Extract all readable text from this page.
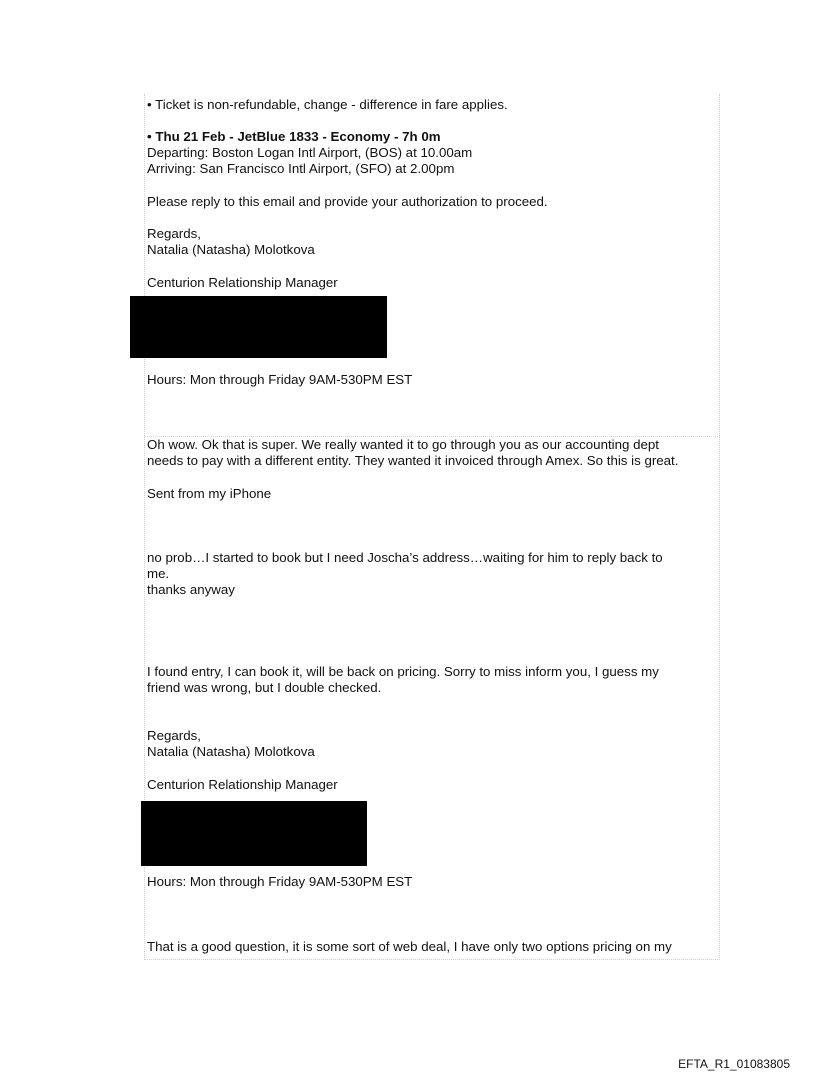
• Ticket is non-refundable, change - difference in fare applies.
• Thu 21 Feb - JetBlue 1833 - Economy - 7h 0m
Departing: Boston Logan Intl Airport, (BOS) at 10.00am
Arriving: San Francisco Intl Airport, (SFO) at 2.00pm
Please reply to this email and provide your authorization to proceed.
Regards,
Natalia (Natasha) Molotkova
Centurion Relationship Manager
Hours: Mon through Friday 9AM-530PM EST
Oh wow. Ok that is super. We really wanted it to go through you as our accounting dept
needs to pay with a different entity. They wanted it invoiced through Amex. So this is great.
Sent from my iPhone
no prob…I started to book but I need Joscha’s address…waiting for him to reply back to
me.
thanks anyway
I found entry, I can book it, will be back on pricing. Sorry to miss inform you, I guess my
friend was wrong, but I double checked.
Regards,
Natalia (Natasha) Molotkova
Centurion Relationship Manager
Hours: Mon through Friday 9AM-530PM EST
That is a good question, it is some sort of web deal, I have only two options pricing on my
EFTA_R1_01083805
